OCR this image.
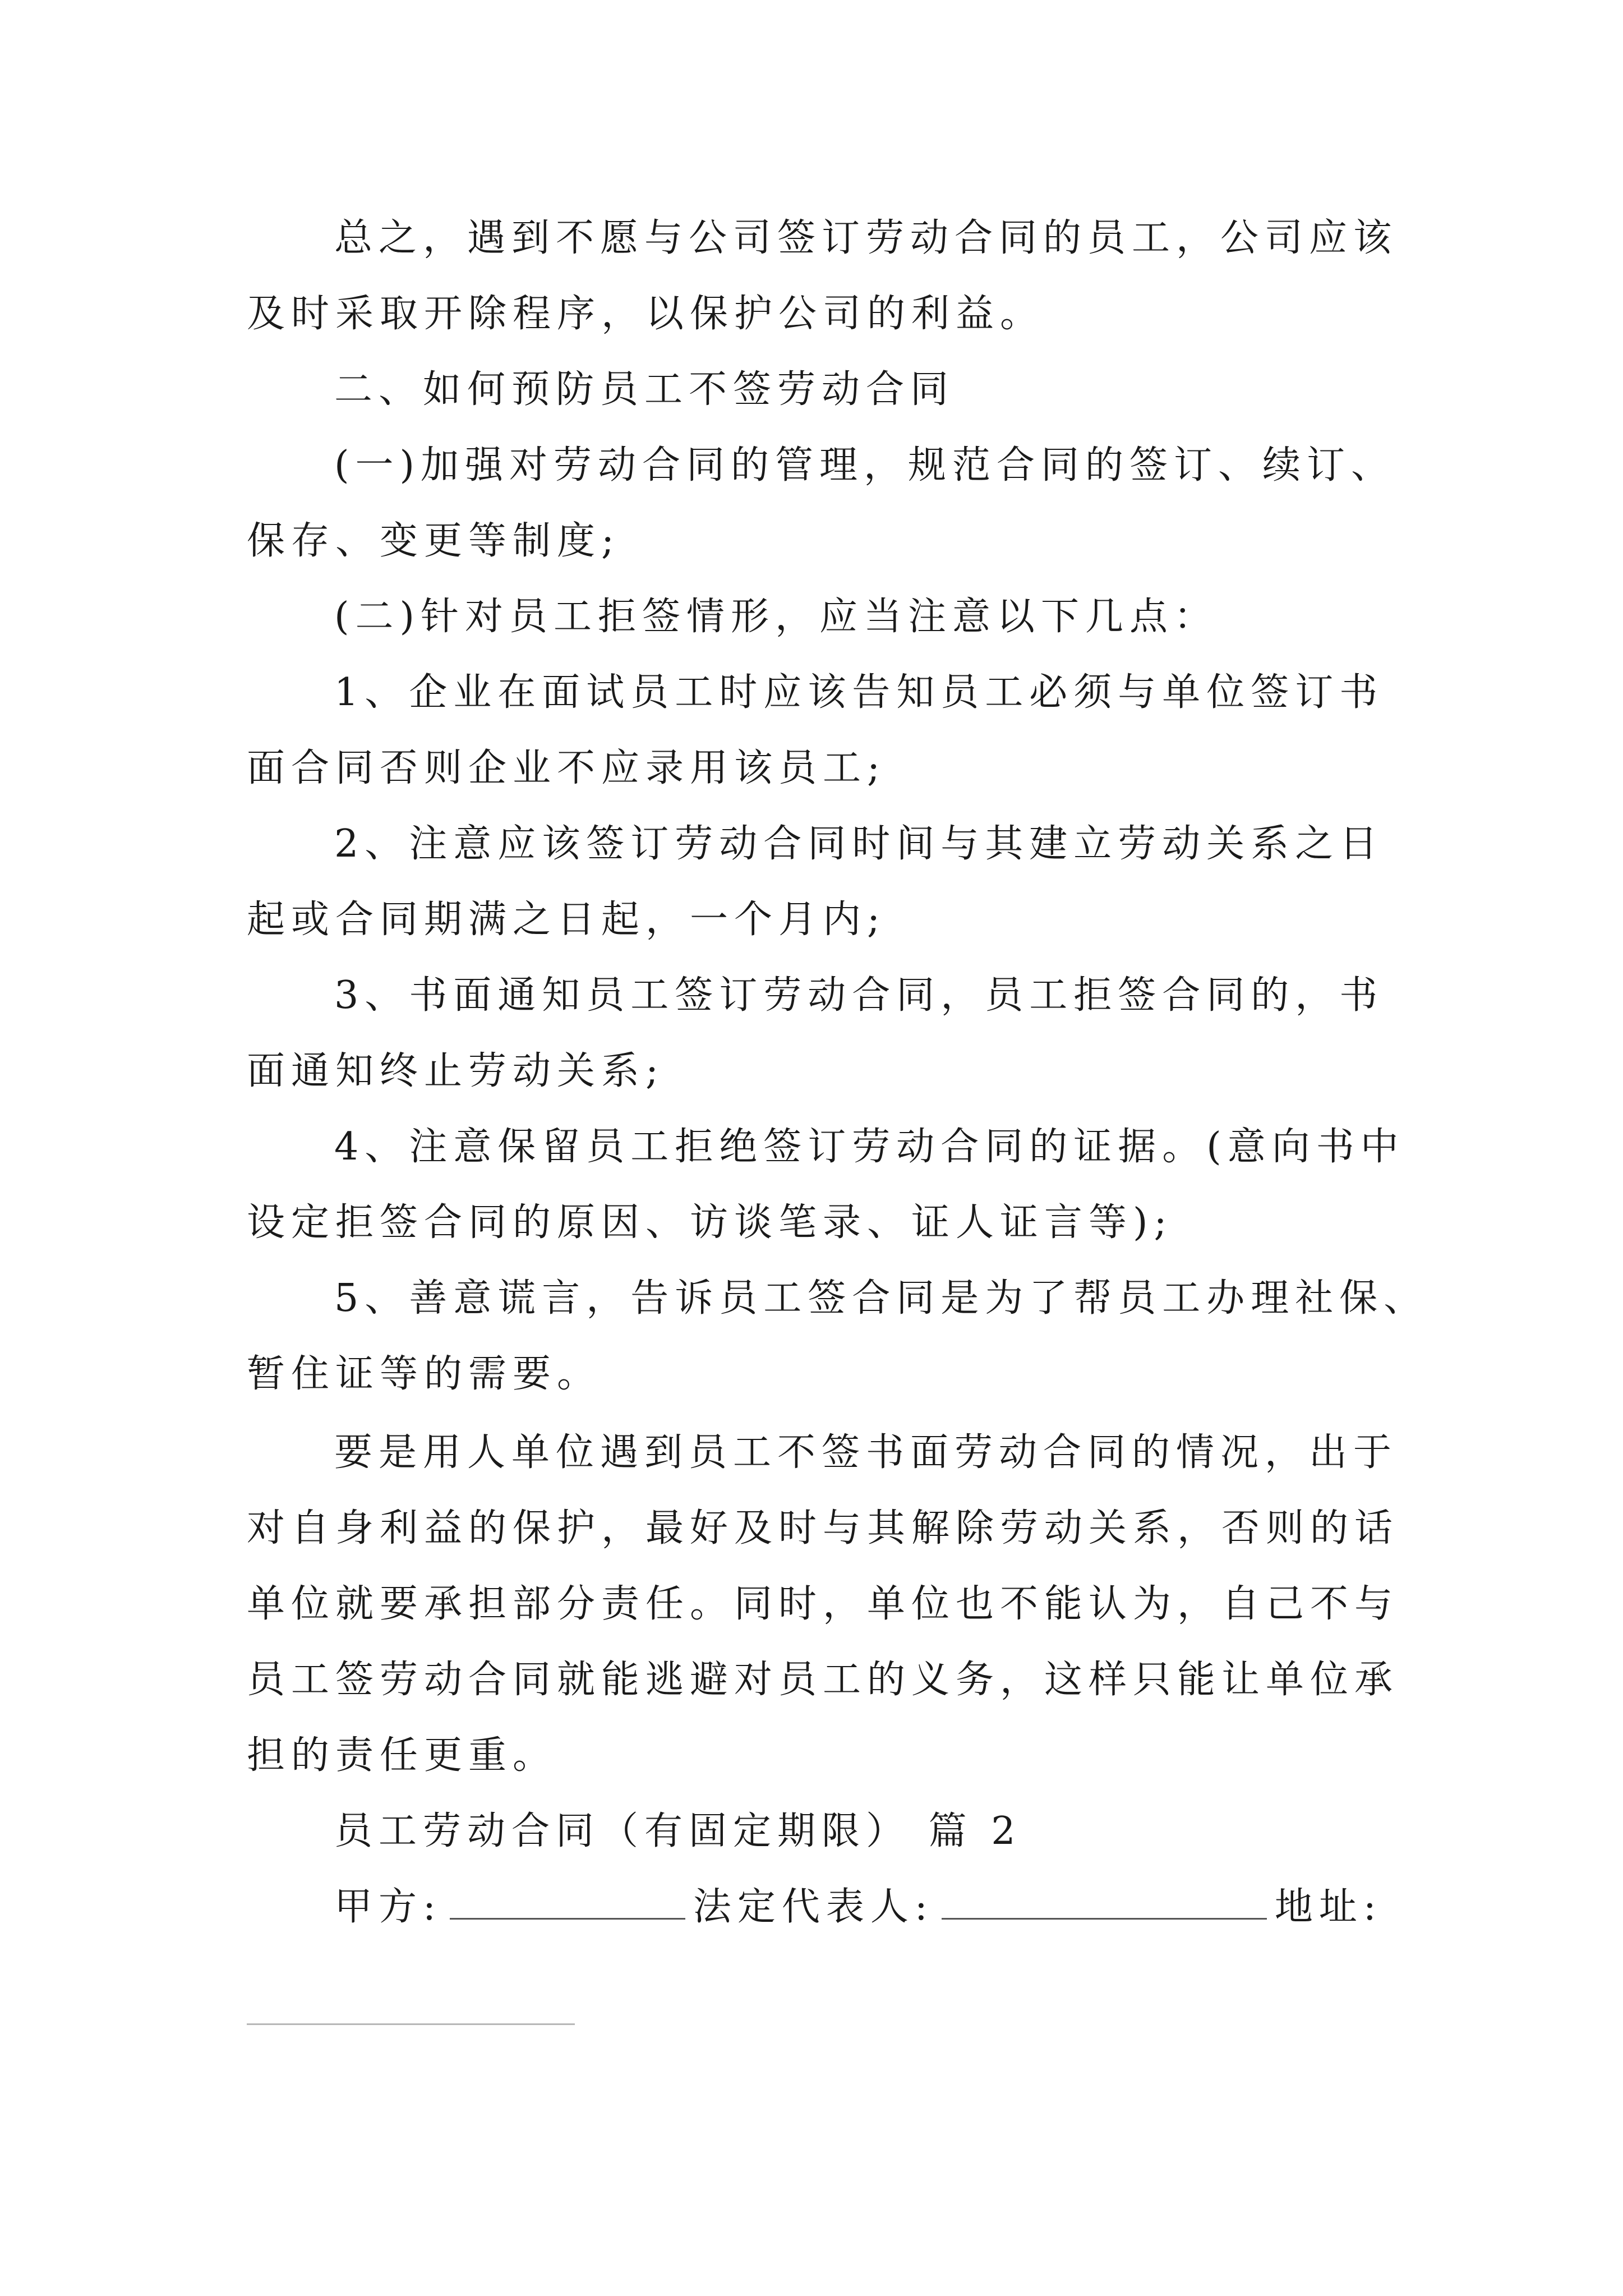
总之，遇到不愿与公司签订劳动合同的员工，公司应该
及时采取开除程序，以保护公司的利益。
二、如何预防员工不签劳动合同
(一)加强对劳动合同的管理，规范合同的签订、续订、
保存、变更等制度;
(二)针对员工拒签情形，应当注意以下几点：
1、企业在面试员工时应该告知员工必须与单位签订书
面合同否则企业不应录用该员工;
2、注意应该签订劳动合同时间与其建立劳动关系之日
起或合同期满之日起，一个月内;
3、书面通知员工签订劳动合同，员工拒签合同的，书
面通知终止劳动关系;
4、注意保留员工拒绝签订劳动合同的证据。(意向书中
设定拒签合同的原因、访谈笔录、证人证言等);
5、善意谎言，告诉员工签合同是为了帮员工办理社保、
暂住证等的需要。
要是用人单位遇到员工不签书面劳动合同的情况，出于
对自身利益的保护，最好及时与其解除劳动关系，否则的话
单位就要承担部分责任。同时，单位也不能认为，自己不与
员工签劳动合同就能逃避对员工的义务，这样只能让单位承
担的责任更重。
员工劳动合同（有固定期限） 篇 2
甲方:	法定代表人:	地址:
